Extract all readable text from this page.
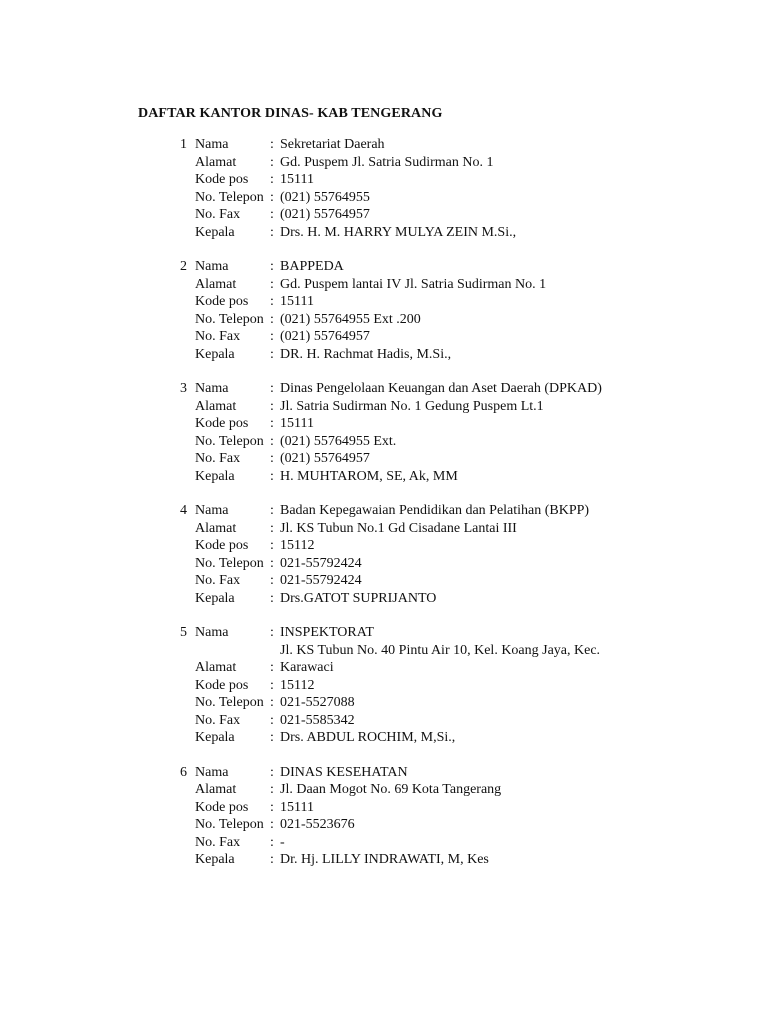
DAFTAR KANTOR DINAS- KAB TENGERANG
1 Nama	: Sekretariat Daerah
Alamat	: Gd. Puspem Jl. Satria Sudirman No. 1
Kode pos	: 15111
No. Telepon : (021) 55764955
No. Fax	: (021) 55764957
Kepala	: Drs. H. M. HARRY MULYA ZEIN M.Si.,
2 Nama	: BAPPEDA
Alamat	: Gd. Puspem lantai IV Jl. Satria Sudirman No. 1
Kode pos	: 15111
No. Telepon : (021) 55764955 Ext .200
No. Fax	: (021) 55764957
Kepala	: DR. H. Rachmat Hadis, M.Si.,
3 Nama	: Dinas Pengelolaan Keuangan dan Aset Daerah (DPKAD)
Alamat	: Jl. Satria Sudirman No. 1 Gedung Puspem Lt.1
Kode pos	: 15111
No. Telepon : (021) 55764955 Ext.
No. Fax	: (021) 55764957
Kepala	: H. MUHTAROM, SE, Ak, MM
4 Nama	: Badan Kepegawaian Pendidikan dan Pelatihan (BKPP)
Alamat	: Jl. KS Tubun No.1 Gd Cisadane Lantai III
Kode pos	: 15112
No. Telepon : 021-55792424
No. Fax	: 021-55792424
Kepala	: Drs.GATOT SUPRIJANTO
5 Nama	: INSPEKTORAT
Jl. KS Tubun No. 40 Pintu Air 10, Kel. Koang Jaya, Kec.
Alamat	: Karawaci
Kode pos	: 15112
No. Telepon : 021-5527088
No. Fax	: 021-5585342
Kepala	: Drs. ABDUL ROCHIM, M,Si.,
6 Nama	: DINAS KESEHATAN
Alamat	: Jl. Daan Mogot No. 69 Kota Tangerang
Kode pos	: 15111
No. Telepon : 021-5523676
No. Fax	: -
Kepala	: Dr. Hj. LILLY INDRAWATI, M, Kes
